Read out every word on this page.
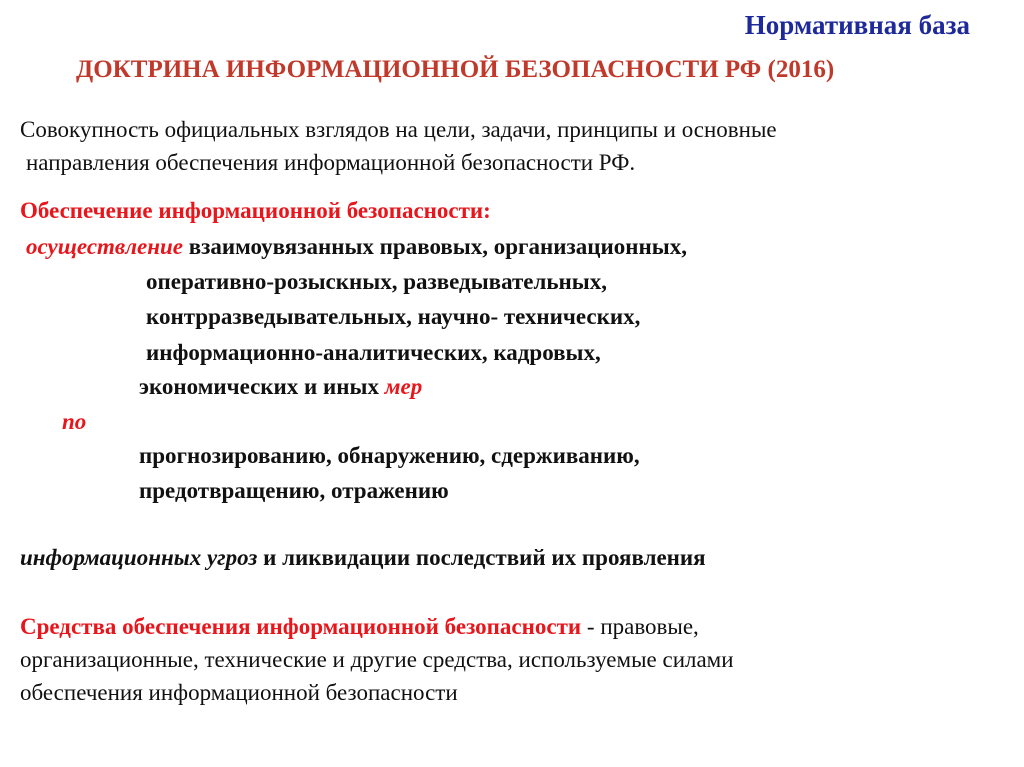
Нормативная база
ДОКТРИНА ИНФОРМАЦИОННОЙ БЕЗОПАСНОСТИ РФ (2016)
Совокупность официальных взглядов на цели, задачи, принципы и основные
направления обеспечения информационной безопасности РФ.
Обеспечение информационной безопасности:
осуществление взаимоувязанных правовых, организационных,
оперативно-розыскных, разведывательных,
контрразведывательных, научно- технических,
информационно-аналитических, кадровых,
экономических и иных мер
по
прогнозированию, обнаружению, сдерживанию,
предотвращению, отражению
информационных угроз и ликвидации последствий их проявления
Средства обеспечения информационной безопасности - правовые,
организационные, технические и другие средства, используемые силами
обеспечения информационной безопасности
